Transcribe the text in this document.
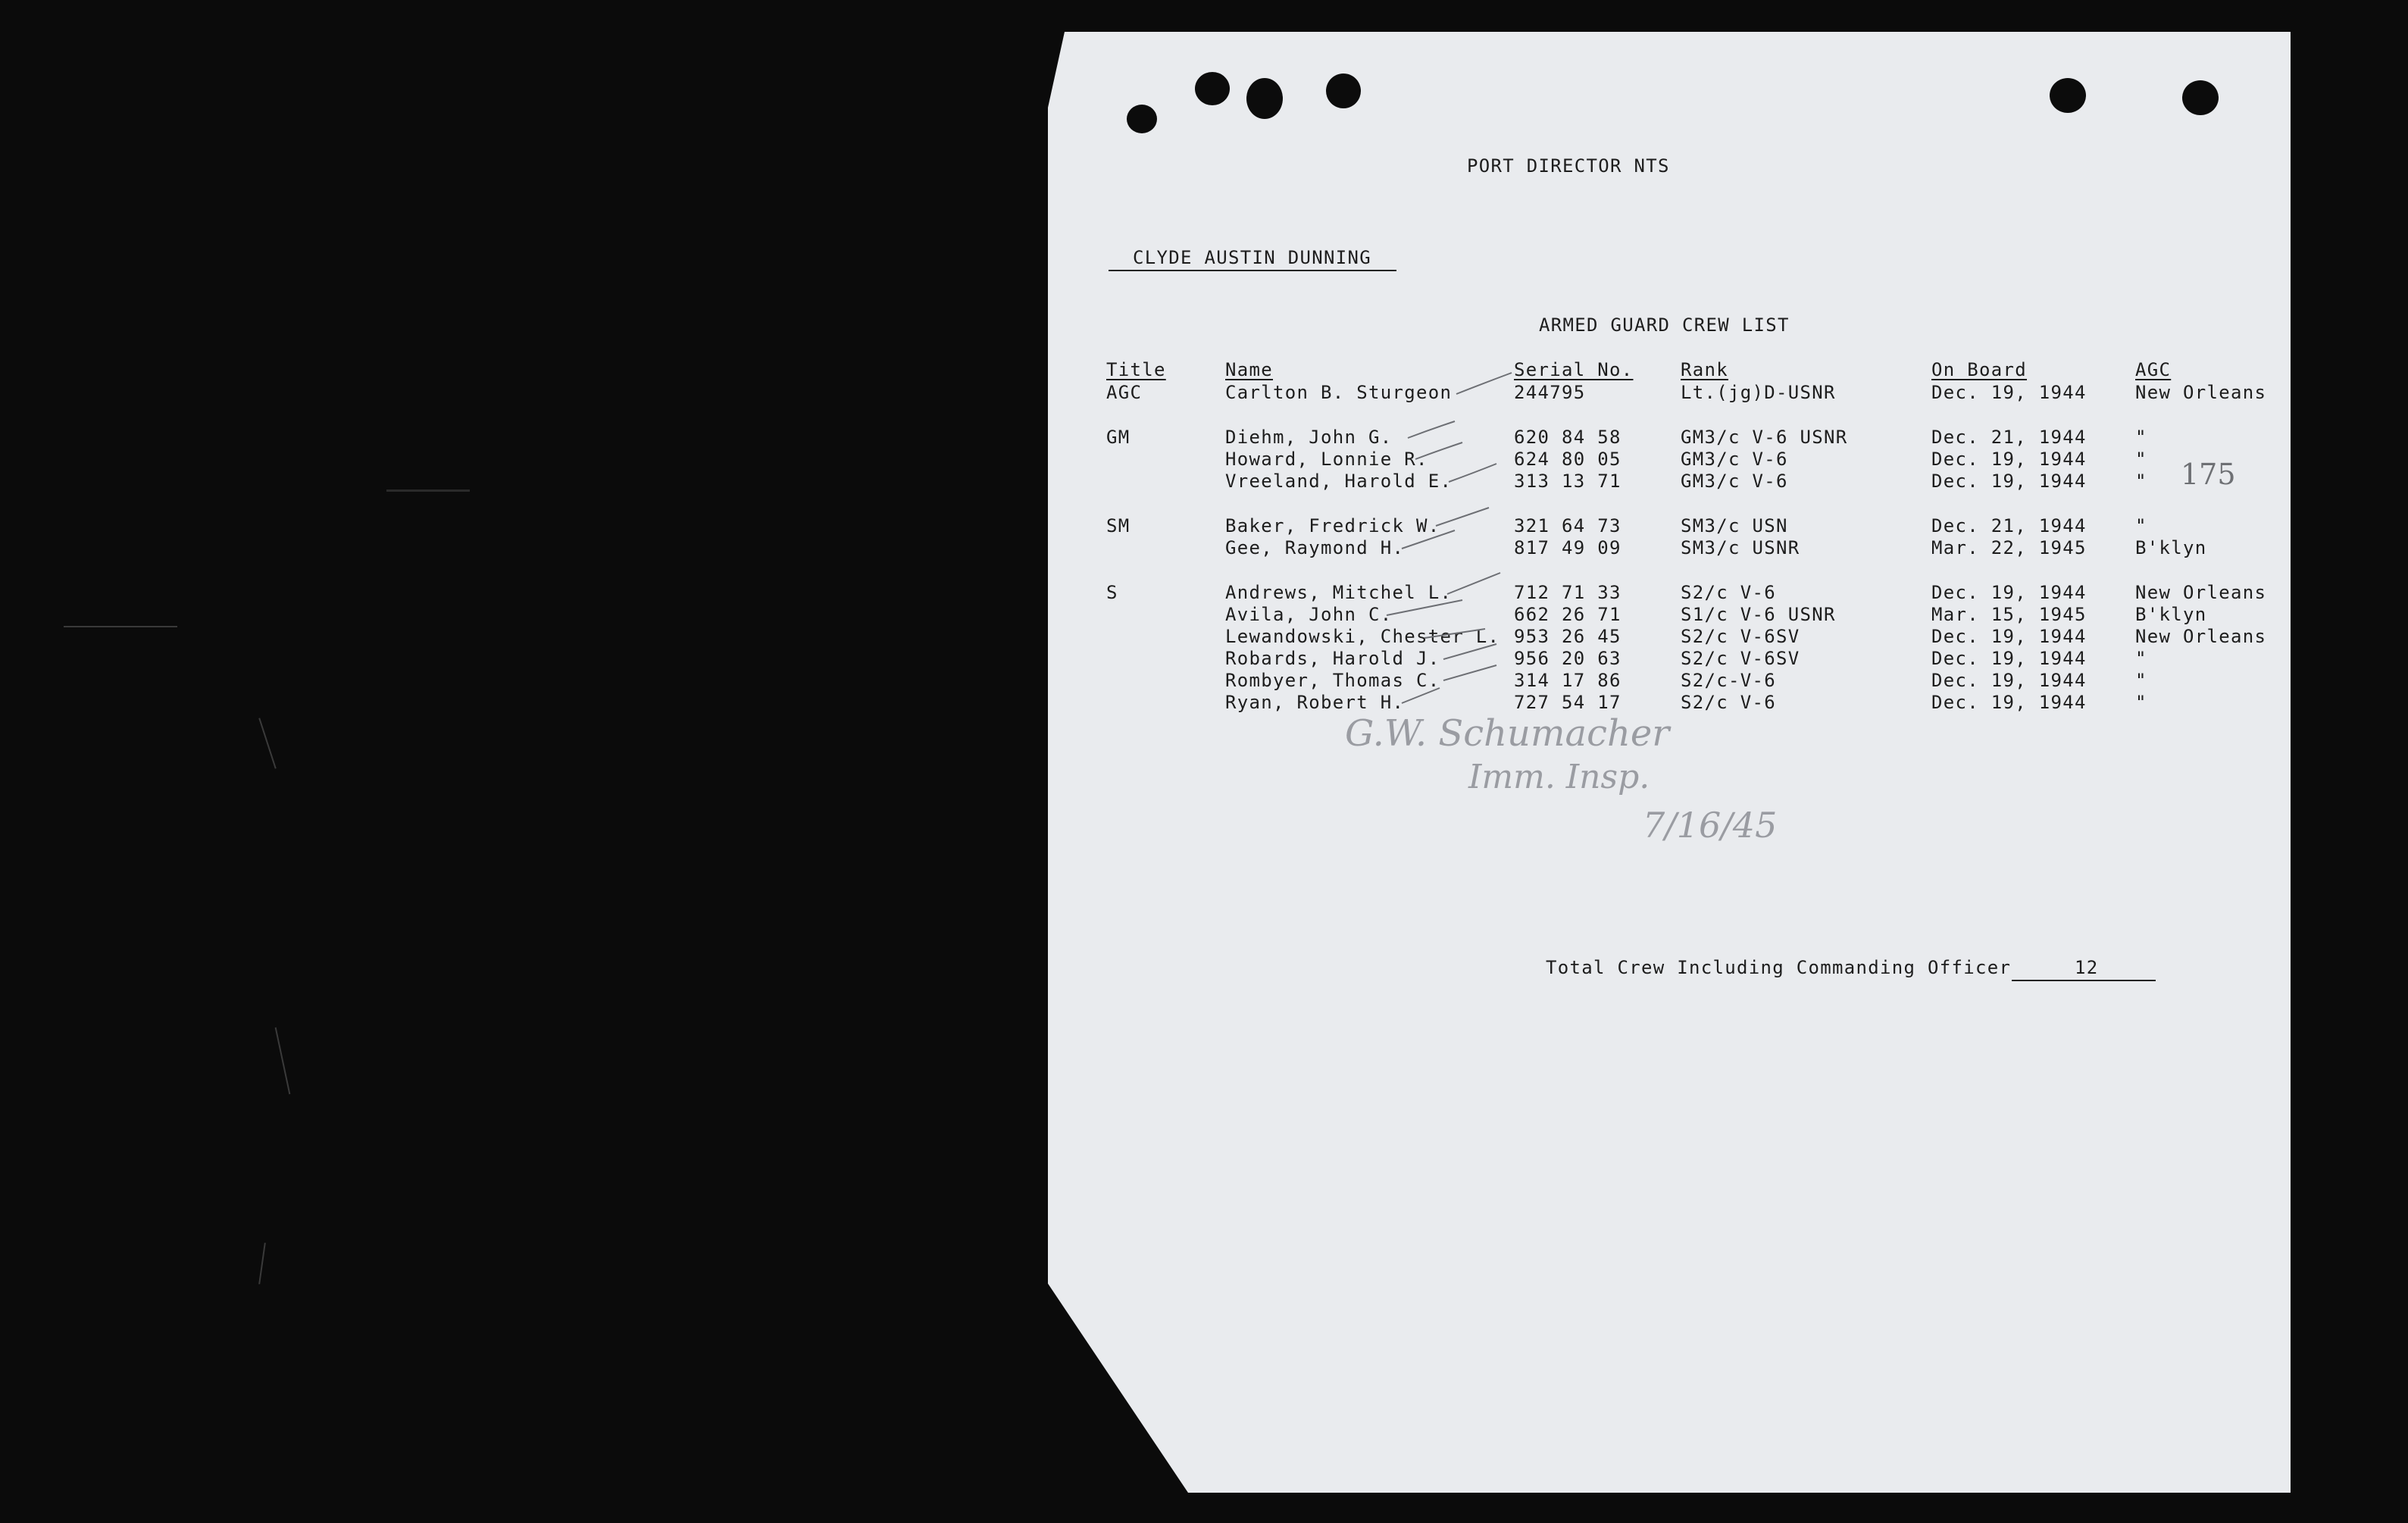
PORT DIRECTOR NTS
CLYDE AUSTIN DUNNING
ARMED GUARD CREW LIST
Title	Name	Serial No.	Rank	On Board	AGC
AGC	Carlton B. Sturgeon	244795	Lt.(jg)D-USNR	Dec. 19, 1944	New Orleans
GM	Diehm, John G.	620 84 58	GM3/c V-6 USNR	Dec. 21, 1944	"
Howard, Lonnie R.	624 80 05	GM3/c V-6	Dec. 19, 1944	"
Vreeland, Harold E.	313 13 71	GM3/c V-6	Dec. 19, 1944	"
SM	Baker, Fredrick W.	321 64 73	SM3/c USN	Dec. 21, 1944	"
Gee, Raymond H.	817 49 09	SM3/c USNR	Mar. 22, 1945	B'klyn
S	Andrews, Mitchel L.	712 71 33	S2/c V-6	Dec. 19, 1944	New Orleans
Avila, John C.	662 26 71	S1/c V-6 USNR	Mar. 15, 1945	B'klyn
Lewandowski, Chester L. 953 26 45	S2/c V-6SV	Dec. 19, 1944	New Orleans
Robards, Harold J.	956 20 63	S2/c V-6SV	Dec. 19, 1944	"
Rombyer, Thomas C.	314 17 86	S2/c-V-6	Dec. 19, 1944	"
Ryan, Robert H.	727 54 17	S2/c V-6	Dec. 19, 1944	"
175
G.W. Schumacher
Imm. Insp.
7/16/45
Total Crew Including Commanding Officer	12
